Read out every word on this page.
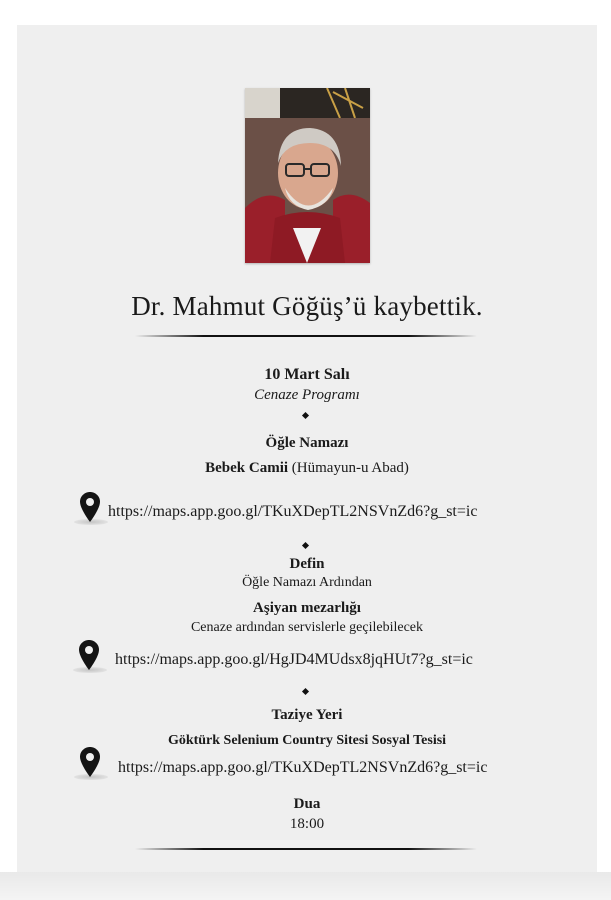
Dr. Mahmut Göğüş’ü kaybettik.
10 Mart Salı
Cenaze Programı
Öğle Namazı
Bebek Camii (Hümayun-u Abad)
https://maps.app.goo.gl/TKuXDepTL2NSVnZd6?g_st=ic
Defin
Öğle Namazı Ardından
Aşiyan mezarlığı
Cenaze ardından servislerle geçilebilecek
https://maps.app.goo.gl/HgJD4MUdsx8jqHUt7?g_st=ic
Taziye Yeri
Göktürk Selenium Country Sitesi Sosyal Tesisi
https://maps.app.goo.gl/TKuXDepTL2NSVnZd6?g_st=ic
Dua
18:00
